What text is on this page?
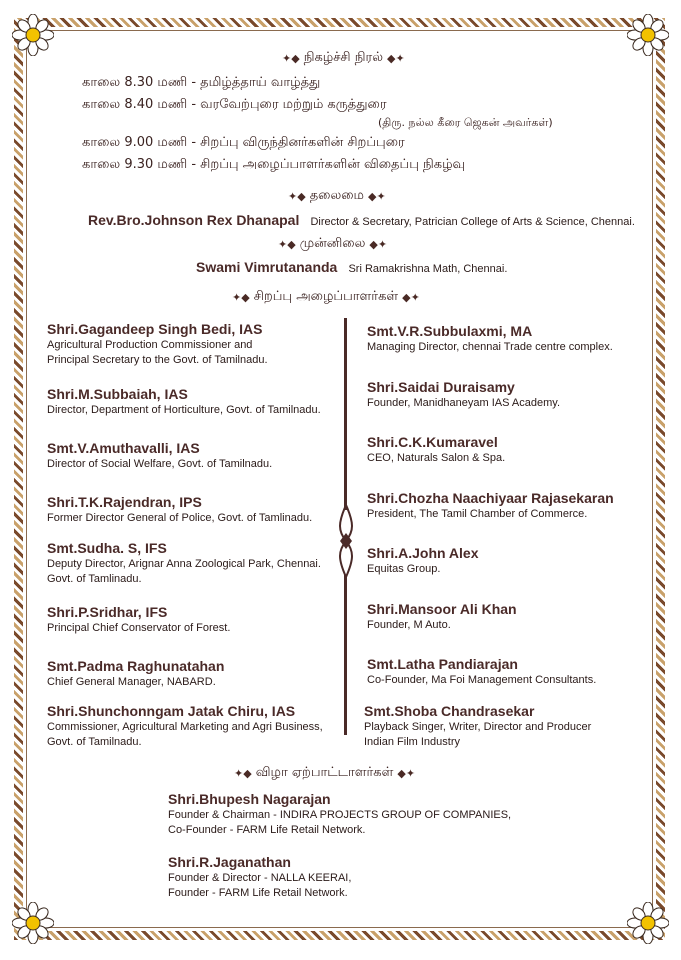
✦◆ நிகழ்ச்சி நிரல் ◆✦
காலை 8.30 மணி - தமிழ்த்தாய் வாழ்த்து
காலை 8.40 மணி - வரவேற்புரை மற்றும் கருத்துரை
(திரு. நல்ல கீரை ஜெகன் அவர்கள்)
காலை 9.00 மணி - சிறப்பு விருந்தினர்களின் சிறப்புரை
காலை 9.30 மணி - சிறப்பு அழைப்பாளர்களின் விதைப்பு நிகழ்வு
✦◆ தலைமை ◆✦
Rev.Bro.Johnson Rex Dhanapal Director & Secretary, Patrician College of Arts & Science, Chennai.
✦◆ முன்னிலை ◆✦
Swami Vimrutananda Sri Ramakrishna Math, Chennai.
✦◆ சிறப்பு அழைப்பாளர்கள் ◆✦
Shri.Gagandeep Singh Bedi, IAS
Agricultural Production Commissioner and
Principal Secretary to the Govt. of Tamilnadu.
Shri.M.Subbaiah, IAS
Director, Department of Horticulture, Govt. of Tamilnadu.
Smt.V.Amuthavalli, IAS
Director of Social Welfare, Govt. of Tamilnadu.
Shri.T.K.Rajendran, IPS
Former Director General of Police, Govt. of Tamlinadu.
Smt.Sudha. S, IFS
Deputy Director, Arignar Anna Zoological Park, Chennai.
Govt. of Tamlinadu.
Shri.P.Sridhar, IFS
Principal Chief Conservator of Forest.
Smt.Padma Raghunatahan
Chief General Manager, NABARD.
Shri.Shunchonngam Jatak Chiru, IAS
Commissioner, Agricultural Marketing and Agri Business,
Govt. of Tamilnadu.
Smt.V.R.Subbulaxmi, MA
Managing Director, chennai Trade centre complex.
Shri.Saidai Duraisamy
Founder, Manidhaneyam IAS Academy.
Shri.C.K.Kumaravel
CEO, Naturals Salon & Spa.
Shri.Chozha Naachiyaar Rajasekaran
President, The Tamil Chamber of Commerce.
Shri.A.John Alex
Equitas Group.
Shri.Mansoor Ali Khan
Founder, M Auto.
Smt.Latha Pandiarajan
Co-Founder, Ma Foi Management Consultants.
Smt.Shoba Chandrasekar
Playback Singer, Writer, Director and Producer
Indian Film Industry
✦◆ விழா ஏற்பாட்டாளர்கள் ◆✦
Shri.Bhupesh Nagarajan
Founder & Chairman - INDIRA PROJECTS GROUP OF COMPANIES,
Co-Founder - FARM Life Retail Network.
Shri.R.Jaganathan
Founder & Director - NALLA KEERAI,
Founder - FARM Life Retail Network.
